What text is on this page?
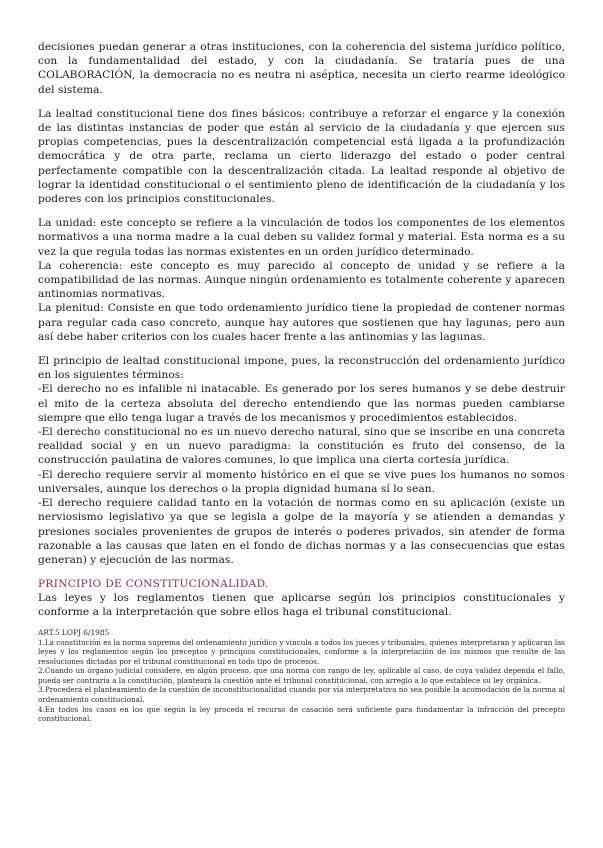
decisiones puedan generar a otras instituciones, con la coherencia del sistema jurídico político, con la fundamentalidad del estado, y con la ciudadanía. Se trataría pues de una COLABORACIÓN, la democracia no es neutra ni aséptica, necesita un cierto rearme ideológico del sistema.

La lealtad constitucional tiene dos fines básicos: contribuye a reforzar el engarce y la conexión de las distintas instancias de poder que están al servicio de la ciudadanía y que ejercen sus propias competencias, pues la descentralización competencial está ligada a la profundización democrática y de otra parte, reclama un cierto liderazgo del estado o poder central perfectamente compatible con la descentralización citada. La lealtad responde al objetivo de lograr la identidad constitucional o el sentimiento pleno de identificación de la ciudadanía y los poderes con los principios constitucionales.

La unidad: este concepto se refiere a la vinculación de todos los componentes de los elementos normativos a una norma madre a la cual deben su validez formal y material. Esta norma es a su vez la que regula todas las normas existentes en un orden jurídico determinado.

La coherencia: este concepto es muy parecido al concepto de unidad y se refiere a la compatibilidad de las normas. Aunque ningún ordenamiento es totalmente coherente y aparecen antinomias normativas.

La plenitud: Consiste en que todo ordenamiento jurídico tiene la propiedad de contener normas para regular cada caso concreto, aunque hay autores que sostienen que hay lagunas, pero aun así debe haber criterios con los cuales hacer frente a las antinomias y las lagunas.

El principio de lealtad constitucional impone, pues, la reconstrucción del ordenamiento jurídico en los siguientes términos:

-El derecho no es infalible ni inatacable. Es generado por los seres humanos y se debe destruir el mito de la certeza absoluta del derecho entendiendo que las normas pueden cambiarse siempre que ello tenga lugar a través de los mecanismos y procedimientos establecidos.

-El derecho constitucional no es un nuevo derecho natural, sino que se inscribe en una concreta realidad social y en un nuevo paradigma: la constitución es fruto del consenso, de la construcción paulatina de valores comunes, lo que implica una cierta cortesía jurídica.

-El derecho requiere servir al momento histórico en el que se vive pues los humanos no somos universales, aunque los derechos o la propia dignidad humana sí lo sean.

-El derecho requiere calidad tanto en la votación de normas como en su aplicación (existe un nerviosismo legislativo ya que se legisla a golpe de la mayoría y se atienden a demandas y presiones sociales provenientes de grupos de interés o poderes privados, sin atender de forma razonable a las causas que laten en el fondo de dichas normas y a las consecuencias que estas generan) y ejecución de las normas.

PRINCIPIO DE CONSTITUCIONALIDAD.

Las leyes y los reglamentos tienen que aplicarse según los principios constitucionales y conforme a la interpretación que sobre ellos haga el tribunal constitucional.

ART.5 LOPJ 6/1985

1.La constitución es la norma suprema del ordenamiento jurídico y vincula a todos los jueces y tribunales, quienes interpretaran y aplicaran las leyes y los reglamentos según los preceptos y principios constitucionales, conforme a la interpretación de los mismos que resulte de las resoluciones dictadas por el tribunal constitucional en todo tipo de procesos.

2.Cuando un órgano judicial considere, en algún proceso, que una norma con rango de ley, aplicable al caso, de cuya validez dependa el fallo, pueda ser contraria a la constitución, planteará la cuestión ante el tribunal constitucional, con arreglo a lo que establece su ley orgánica.

3.Procederá el planteamiento de la cuestión de inconstitucionalidad cuando por vía interpretativa no sea posible la acomodación de la norma al ordenamiento constitucional.

4.En todos los casos en los que según la ley proceda el recurso de casación será suficiente para fundamentar la infracción del precepto constitucional.
